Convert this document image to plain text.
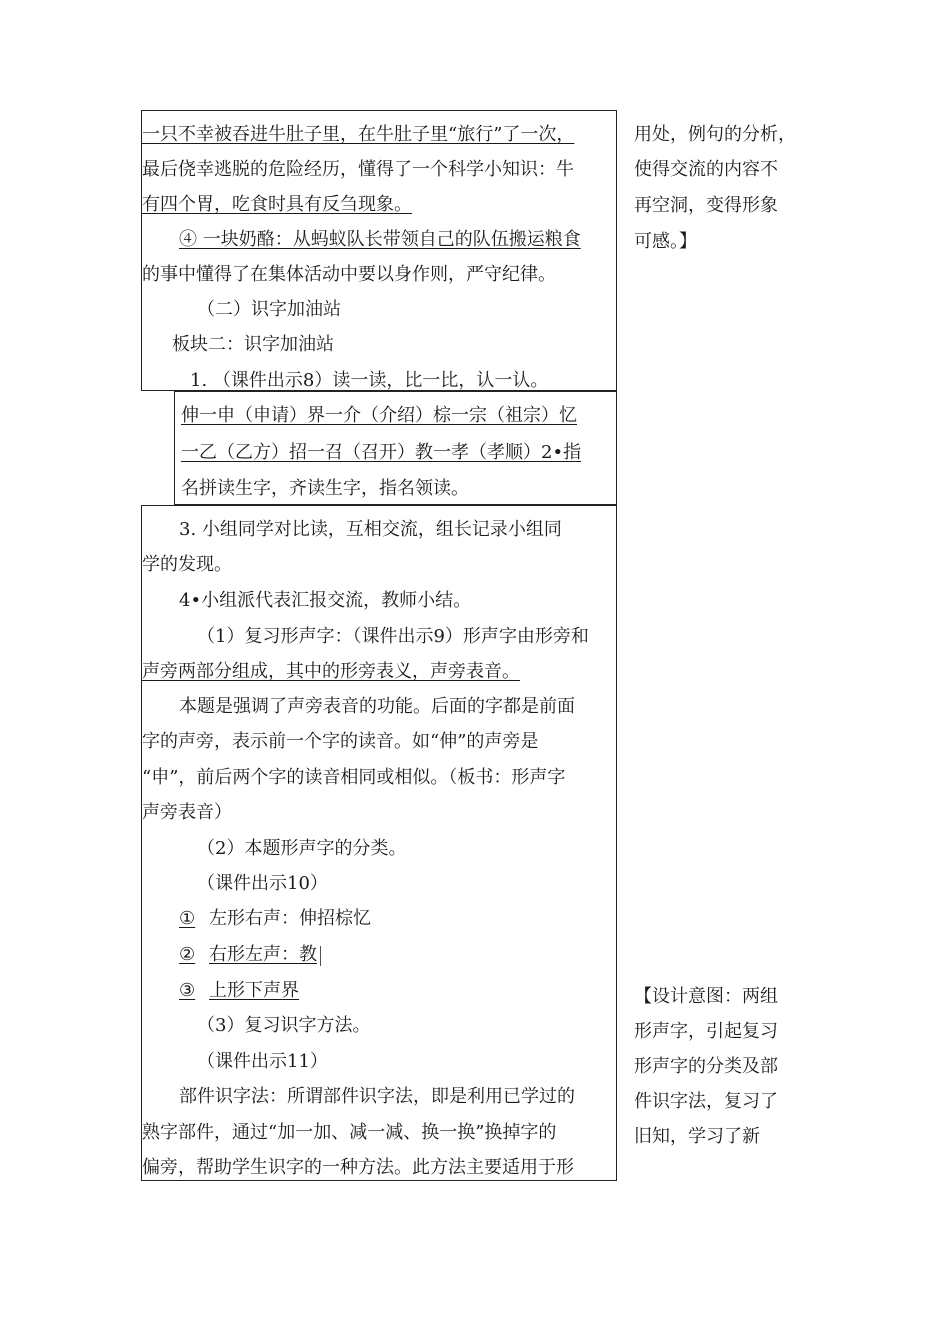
一只不幸被吞进牛肚子里，在牛肚子里“旅行”了一次，
最后侥幸逃脱的危险经历，懂得了一个科学小知识：牛
有四个胃，吃食时具有反刍现象。
④ 一块奶酪：从蚂蚁队长带领自己的队伍搬运粮食
的事中懂得了在集体活动中要以身作则，严守纪律。
（二）识字加油站
板块二：识字加油站
1. （课件出示8）读一读，比一比，认一认。
伸一申（申请）界一介（介绍）棕一宗（祖宗）忆
一乙（乙方）招一召（召开）教一孝（孝顺）2•指
名拼读生字，齐读生字，指名领读。
3. 小组同学对比读，互相交流，组长记录小组同
学的发现。
4•小组派代表汇报交流，教师小结。
（1）复习形声字：（课件出示9）形声字由形旁和
声旁两部分组成，其中的形旁表义，声旁表音。
本题是强调了声旁表音的功能。后面的字都是前面
字的声旁，表示前一个字的读音。如“伸”的声旁是
“申”，前后两个字的读音相同或相似。（板书：形声字
声旁表音）
（2）本题形声字的分类。
（课件出示10）
① 左形右声：伸招棕忆
② 右形左声：教
③ 上形下声界
（3）复习识字方法。
（课件出示11）
部件识字法：所谓部件识字法，即是利用已学过的
熟字部件，通过“加一加、减一减、换一换”换掉字的
偏旁，帮助学生识字的一种方法。此方法主要适用于形
用处，例句的分析，
使得交流的内容不
再空洞，变得形象
可感。】
【设计意图：两组
形声字，引起复习
形声字的分类及部
件识字法，复习了
旧知，学习了新
